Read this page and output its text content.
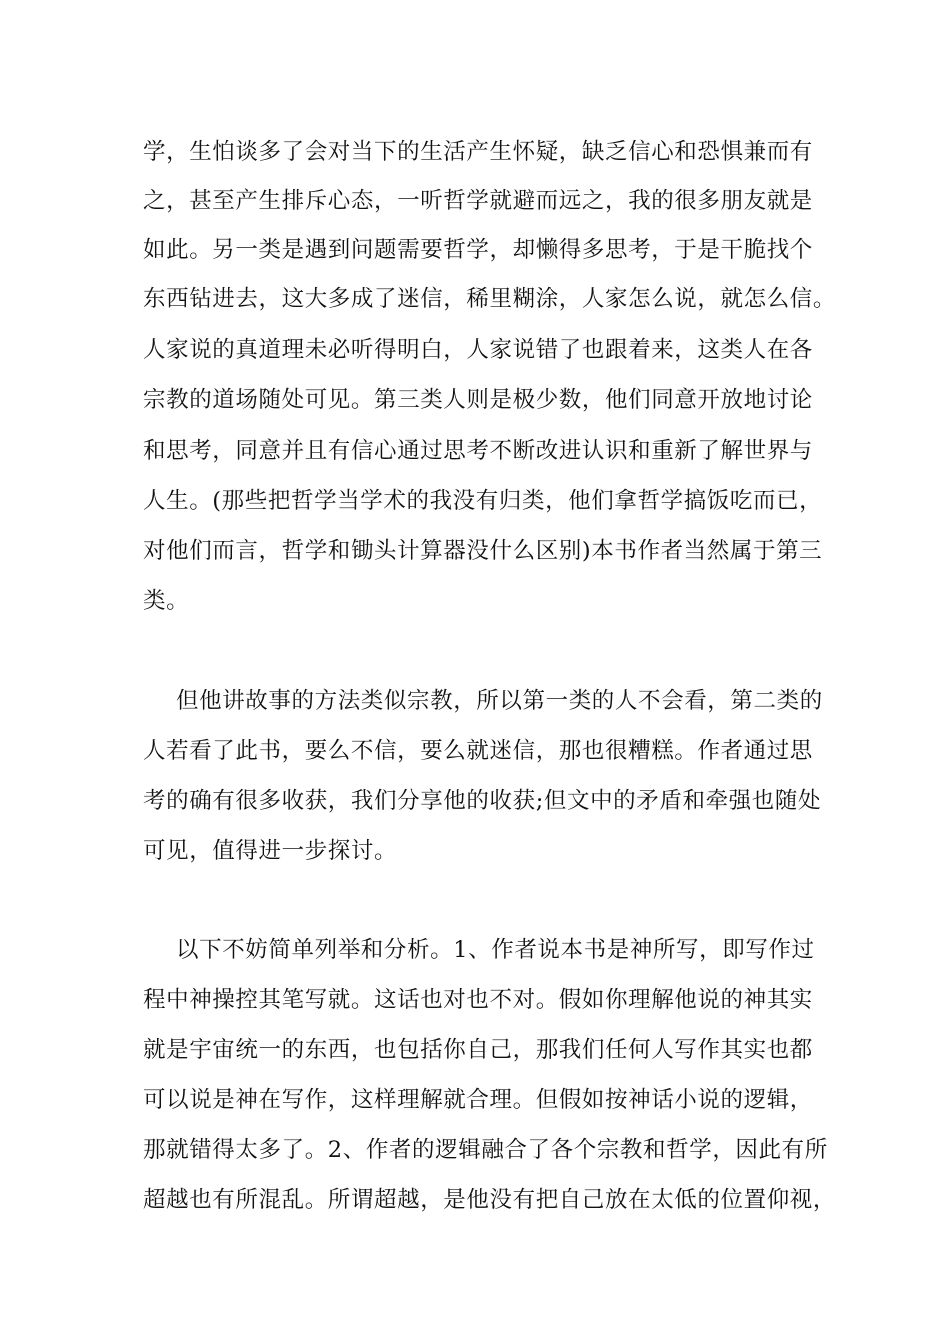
学，生怕谈多了会对当下的生活产生怀疑，缺乏信心和恐惧兼而有
之，甚至产生排斥心态，一听哲学就避而远之，我的很多朋友就是
如此。另一类是遇到问题需要哲学，却懒得多思考，于是干脆找个
东西钻进去，这大多成了迷信，稀里糊涂，人家怎么说，就怎么信。
人家说的真道理未必听得明白，人家说错了也跟着来，这类人在各
宗教的道场随处可见。第三类人则是极少数，他们同意开放地讨论
和思考，同意并且有信心通过思考不断改进认识和重新了解世界与
人生。(那些把哲学当学术的我没有归类，他们拿哲学搞饭吃而已，
对他们而言，哲学和锄头计算器没什么区别)本书作者当然属于第三
类。
但他讲故事的方法类似宗教，所以第一类的人不会看，第二类的
人若看了此书，要么不信，要么就迷信，那也很糟糕。作者通过思
考的确有很多收获，我们分享他的收获;但文中的矛盾和牵强也随处
可见，值得进一步探讨。
以下不妨简单列举和分析。1、作者说本书是神所写，即写作过
程中神操控其笔写就。这话也对也不对。假如你理解他说的神其实
就是宇宙统一的东西，也包括你自己，那我们任何人写作其实也都
可以说是神在写作，这样理解就合理。但假如按神话小说的逻辑，
那就错得太多了。2、作者的逻辑融合了各个宗教和哲学，因此有所
超越也有所混乱。所谓超越，是他没有把自己放在太低的位置仰视，
